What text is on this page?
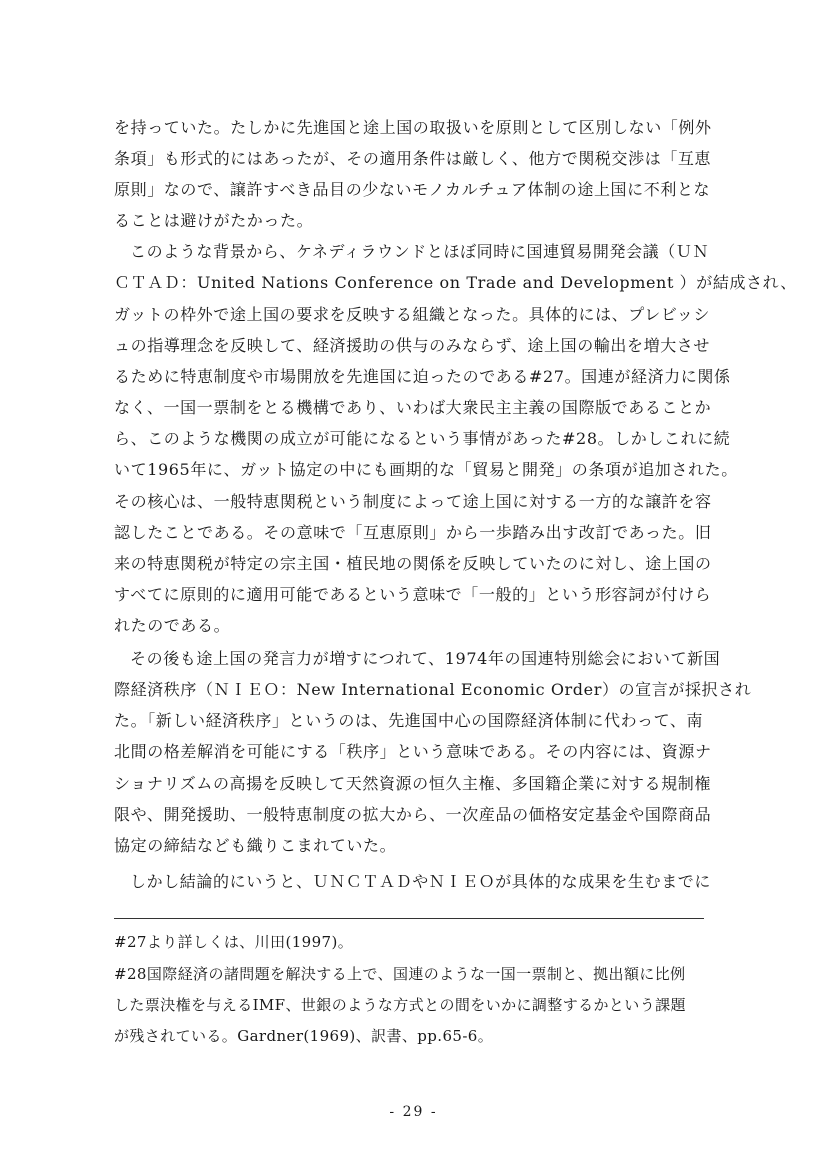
を持っていた。たしかに先進国と途上国の取扱いを原則として区別しない「例外
条項」も形式的にはあったが、その適用条件は厳しく、他方で関税交渉は「互恵
原則」なので、譲許すべき品目の少ないモノカルチュア体制の途上国に不利とな
ることは避けがたかった。
このような背景から、ケネディラウンドとほぼ同時に国連貿易開発会議（ＵＮ
ＣＴＡＤ：United Nations Conference on Trade and Development ）が結成され、
ガットの枠外で途上国の要求を反映する組織となった。具体的には、プレビッシ
ュの指導理念を反映して、経済援助の供与のみならず、途上国の輸出を増大させ
るために特恵制度や市場開放を先進国に迫ったのである#27。国連が経済力に関係
なく、一国一票制をとる機構であり、いわば大衆民主主義の国際版であることか
ら、このような機関の成立が可能になるという事情があった#28。しかしこれに続
いて1965年に、ガット協定の中にも画期的な「貿易と開発」の条項が追加された。
その核心は、一般特恵関税という制度によって途上国に対する一方的な譲許を容
認したことである。その意味で「互恵原則」から一歩踏み出す改訂であった。旧
来の特恵関税が特定の宗主国・植民地の関係を反映していたのに対し、途上国の
すべてに原則的に適用可能であるという意味で「一般的」という形容詞が付けら
れたのである。
その後も途上国の発言力が増すにつれて、1974年の国連特別総会において新国
際経済秩序（ＮＩＥＯ：New International Economic Order）の宣言が採択され
た。「新しい経済秩序」というのは、先進国中心の国際経済体制に代わって、南
北間の格差解消を可能にする「秩序」という意味である。その内容には、資源ナ
ショナリズムの高揚を反映して天然資源の恒久主権、多国籍企業に対する規制権
限や、開発援助、一般特恵制度の拡大から、一次産品の価格安定基金や国際商品
協定の締結なども織りこまれていた。
しかし結論的にいうと、ＵＮＣＴＡＤやＮＩＥＯが具体的な成果を生むまでに
#27より詳しくは、川田(1997)。
#28国際経済の諸問題を解決する上で、国連のような一国一票制と、拠出額に比例
した票決権を与えるIMF、世銀のような方式との間をいかに調整するかという課題
が残されている。Gardner(1969)、訳書、pp.65-6。
- 29 -
